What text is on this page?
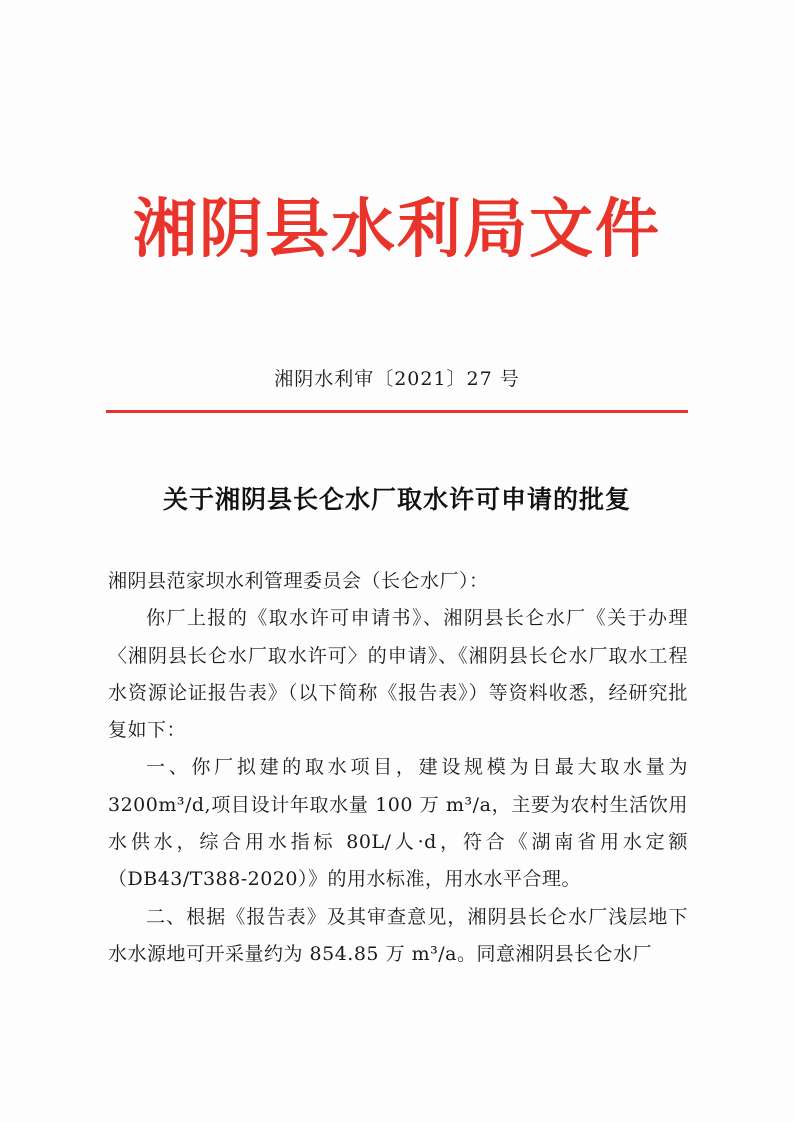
湘阴县水利局文件
湘阴水利审〔2021〕27 号
关于湘阴县长仑水厂取水许可申请的批复

湘阴县范家坝水利管理委员会（长仑水厂）：

你厂上报的《取水许可申请书》、湘阴县长仑水厂《关于办理〈湘阴县长仑水厂取水许可〉的申请》、《湘阴县长仑水厂取水工程水资源论证报告表》（以下简称《报告表》）等资料收悉，经研究批复如下：

一、你厂拟建的取水项目，建设规模为日最大取水量为3200m³/d,项目设计年取水量 100 万 m³/a，主要为农村生活饮用水供水，综合用水指标 80L/人·d，符合《湖南省用水定额（DB43/T388-2020）》的用水标准，用水水平合理。

二、根据《报告表》及其审查意见，湘阴县长仑水厂浅层地下水水源地可开采量约为 854.85 万 m³/a。同意湘阴县长仑水厂
